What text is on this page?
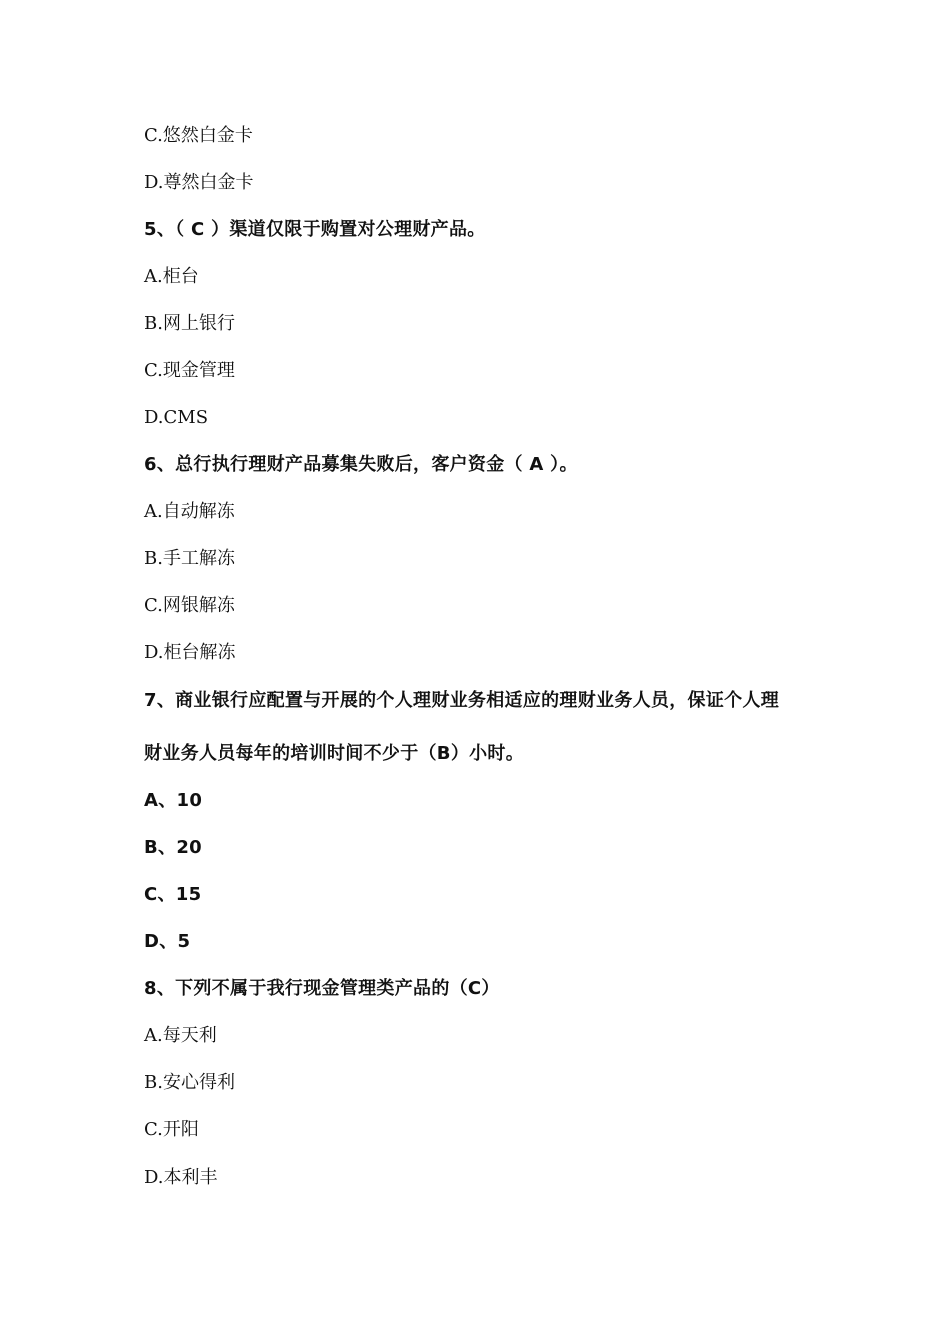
C.悠然白金卡
D.尊然白金卡
5、（ C ）渠道仅限于购置对公理财产品。
A.柜台
B.网上银行
C.现金管理
D.CMS
6、总行执行理财产品募集失败后，客户资金（ A ）。
A.自动解冻
B.手工解冻
C.网银解冻
D.柜台解冻
7、商业银行应配置与开展的个人理财业务相适应的理财业务人员，保证个人理
财业务人员每年的培训时间不少于（B）小时。
A、10
B、20
C、15
D、5
8、下列不属于我行现金管理类产品的（C）
A.每天利
B.安心得利
C.开阳
D.本利丰
